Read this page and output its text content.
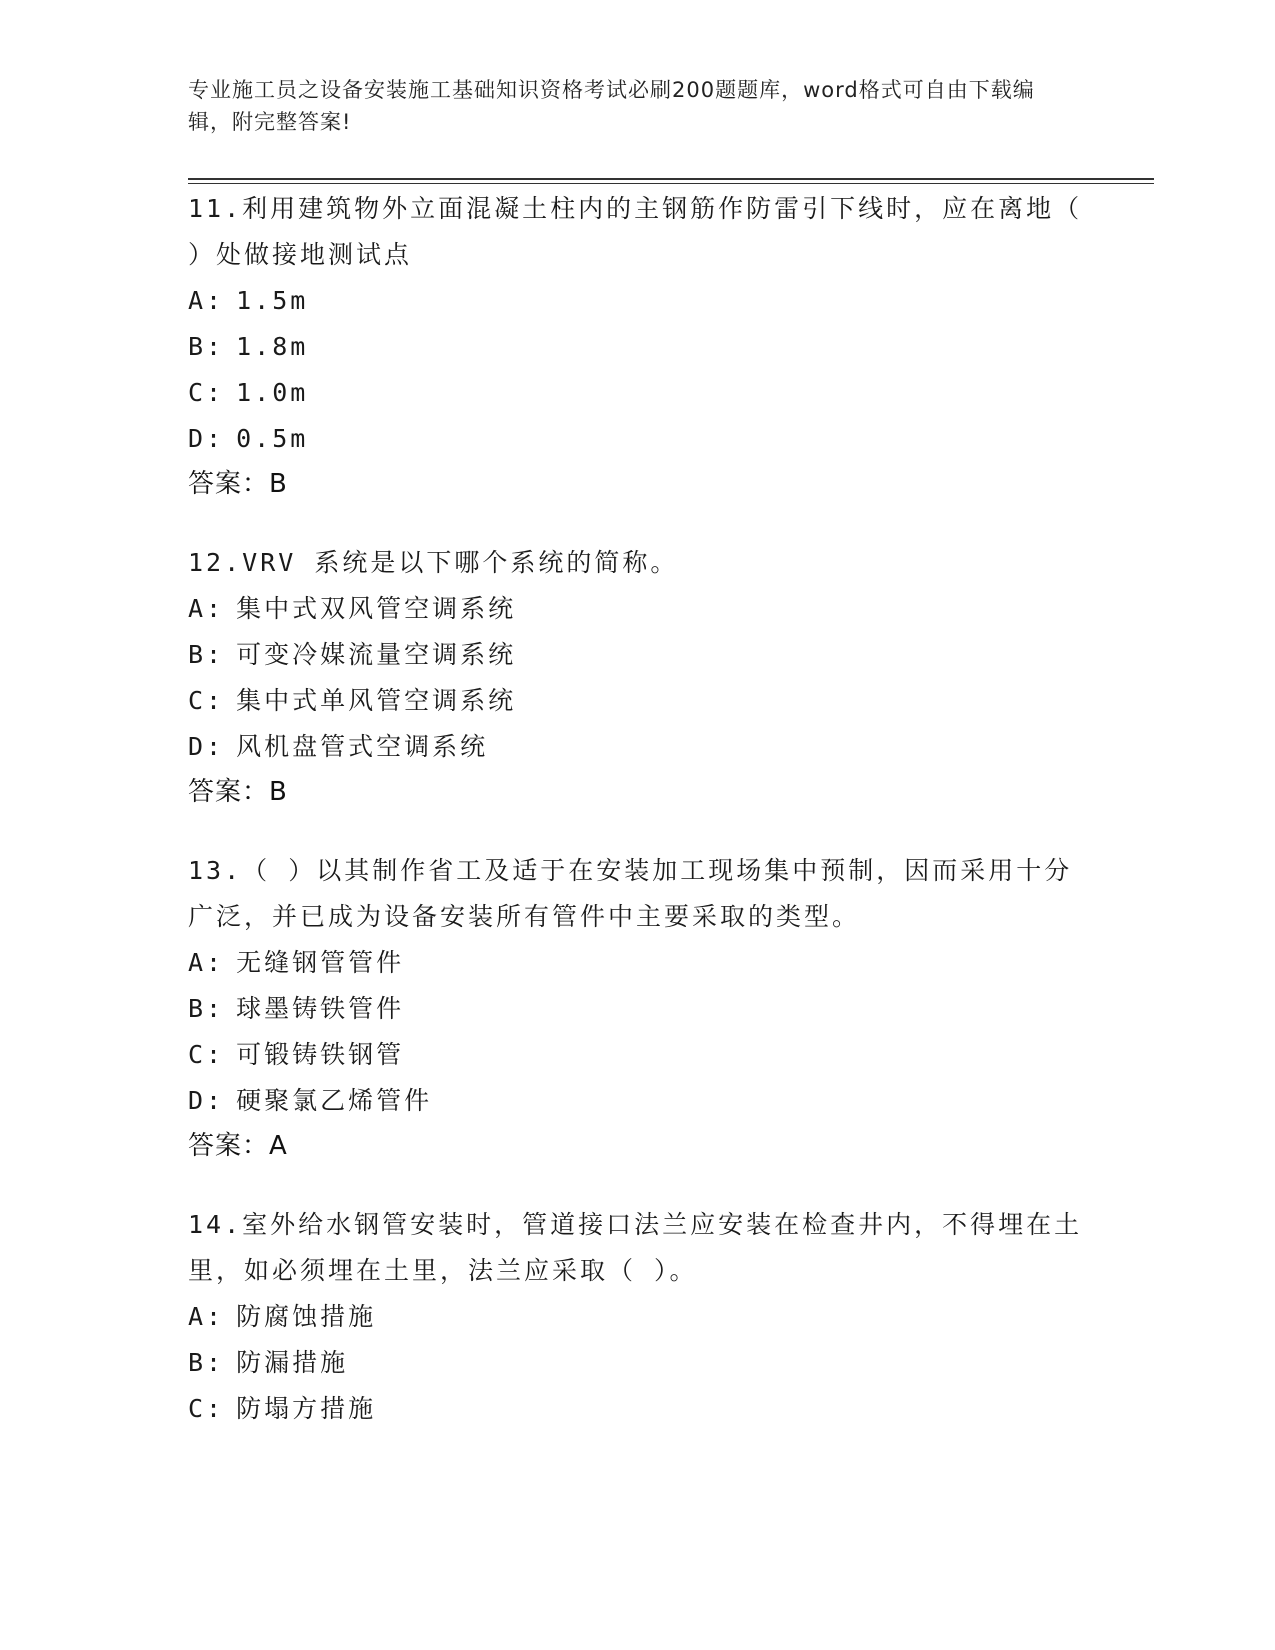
专业施工员之设备安装施工基础知识资格考试必刷200题题库，word格式可自由下载编辑，附完整答案!

11.利用建筑物外立面混凝土柱内的主钢筋作防雷引下线时，应在离地（ ）处做接地测试点

A: 1.5m

B: 1.8m

C: 1.0m

D: 0.5m

答案：B

12.VRV 系统是以下哪个系统的简称。

A: 集中式双风管空调系统

B: 可变冷媒流量空调系统

C: 集中式单风管空调系统

D: 风机盘管式空调系统

答案：B

13.（ ）以其制作省工及适于在安装加工现场集中预制，因而采用十分广泛，并已成为设备安装所有管件中主要采取的类型。

A: 无缝钢管管件

B: 球墨铸铁管件

C: 可锻铸铁钢管

D: 硬聚氯乙烯管件

答案：A

14.室外给水钢管安装时，管道接口法兰应安装在检查井内，不得埋在土里，如必须埋在土里，法兰应采取（ ）。

A: 防腐蚀措施

B: 防漏措施

C: 防塌方措施
